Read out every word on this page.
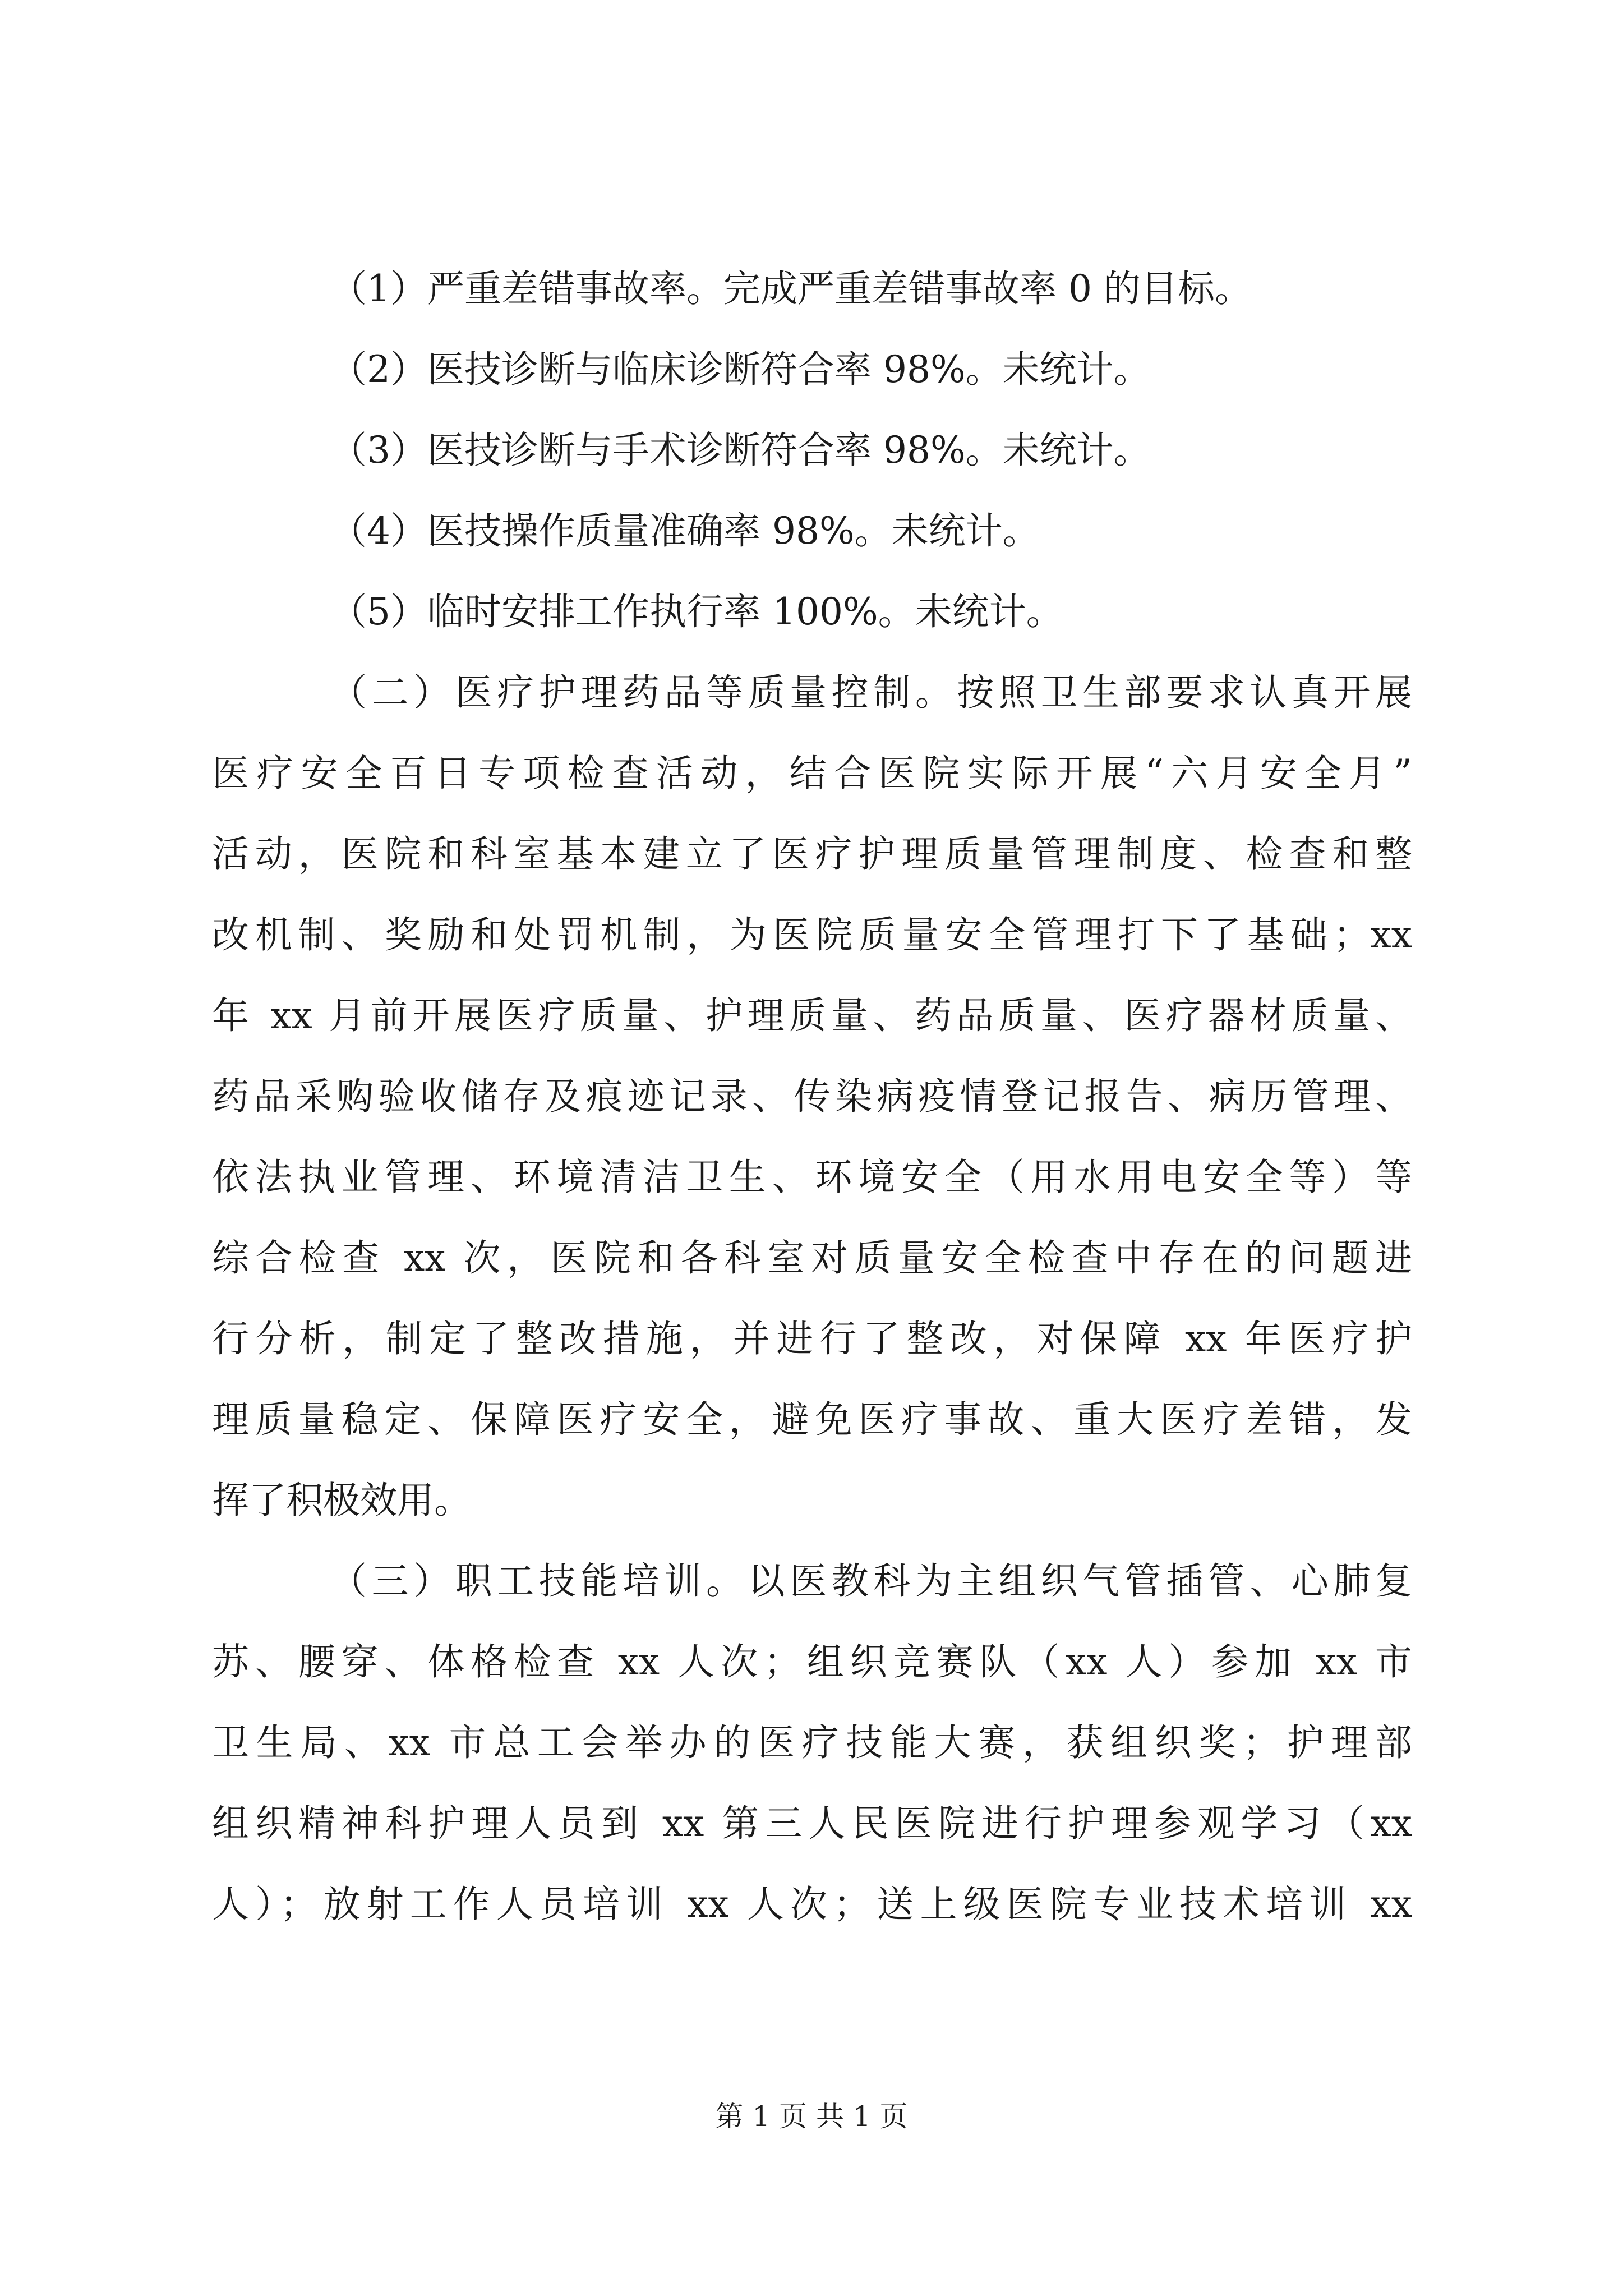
（1）严重差错事故率。完成严重差错事故率 0 的目标。
（2）医技诊断与临床诊断符合率 98%。未统计。
（3）医技诊断与手术诊断符合率 98%。未统计。
（4）医技操作质量准确率 98%。未统计。
（5）临时安排工作执行率 100%。未统计。
（二）医疗护理药品等质量控制。按照卫生部要求认真开展
医疗安全百日专项检查活动，结合医院实际开展“六月安全月”
活动，医院和科室基本建立了医疗护理质量管理制度、检查和整
改机制、奖励和处罚机制，为医院质量安全管理打下了基础；xx
年 xx 月前开展医疗质量、护理质量、药品质量、医疗器材质量、
药品采购验收储存及痕迹记录、传染病疫情登记报告、病历管理、
依法执业管理、环境清洁卫生、环境安全（用水用电安全等）等
综合检查 xx 次，医院和各科室对质量安全检查中存在的问题进
行分析，制定了整改措施，并进行了整改，对保障 xx 年医疗护
理质量稳定、保障医疗安全，避免医疗事故、重大医疗差错，发
挥了积极效用。
（三）职工技能培训。以医教科为主组织气管插管、心肺复
苏、腰穿、体格检查 xx 人次；组织竞赛队（xx 人）参加 xx 市
卫生局、xx 市总工会举办的医疗技能大赛，获组织奖；护理部
组织精神科护理人员到 xx 第三人民医院进行护理参观学习（xx
人）；放射工作人员培训 xx 人次；送上级医院专业技术培训 xx
第 1 页 共 1 页
